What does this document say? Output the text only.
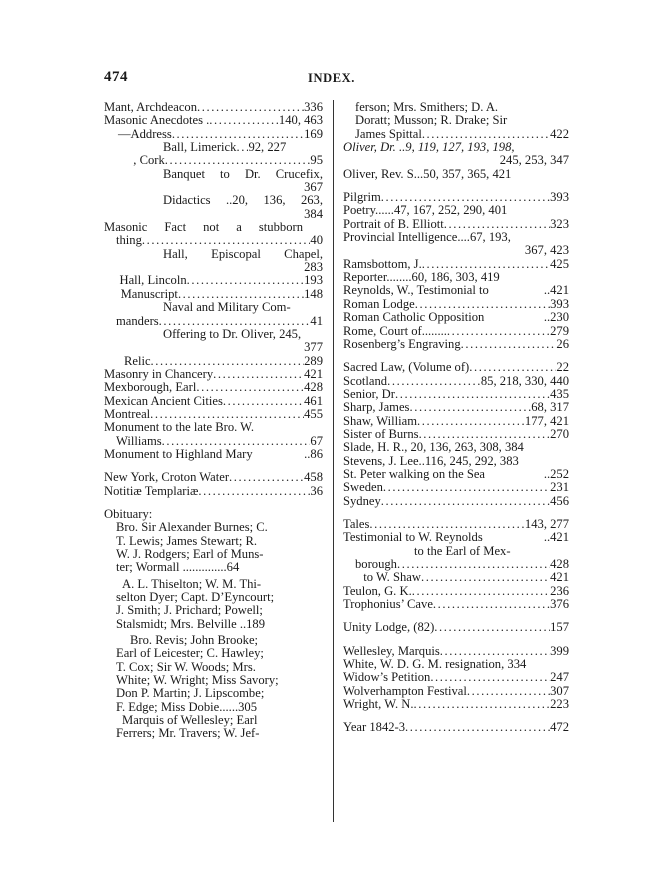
474	INDEX.
Mant, Archdeacon .....	336
Masonic Anecdotes . .....	140, 463
—Address .....	169
Ball, Limerick ..... 92, 227
, Cork .....	95
Banquet to Dr. Crucefix,
367
Didactics ..20, 136, 263,
384
Masonic Fact not a stubborn
thing .....	40
Hall, Episcopal Chapel,
283
Hall, Lincoln .....	193
Manuscript .....	148
Naval and Military Com-
manders .....	41
Offering to Dr. Oliver, 245,
377
Relic .....	289
Masonry in Chancery .....	421
Mexborough, Earl .....	428
Mexican Ancient Cities .....	461
Montreal .....	455
Monument to the late Bro. W.
Williams .....	67
Monument to Highland Mary	..86
New York, Croton Water .....	458
Notitiæ Templariæ .....	36
Obituary:
Bro. Sir Alexander Burnes; C.
T. Lewis; James Stewart; R.
W. J. Rodgers; Earl of Muns-
ter; Wormall ..............64
A. L. Thiselton; W. M. Thi-
selton Dyer; Capt. D’Eyncourt;
J. Smith; J. Prichard; Powell;
Stalsmidt; Mrs. Belville ..189
Bro. Revis; John Brooke;
Earl of Leicester; C. Hawley;
T. Cox; Sir W. Woods; Mrs.
White; W. Wright; Miss Savory;
Don P. Martin; J. Lipscombe;
F. Edge; Miss Dobie......305
Marquis of Wellesley; Earl
Ferrers; Mr. Travers; W. Jef-
ferson; Mrs. Smithers; D. A.
Doratt; Musson; R. Drake; Sir
James Spittal .....	422
Oliver, Dr. ..9, 119, 127, 193, 198,
245, 253, 347
Oliver, Rev. S...50, 357, 365, 421
Pilgrim .....	393
Poetry......47, 167, 252, 290, 401
Portrait of B. Elliott .....	323
Provincial Intelligence....67, 193,
367, 423
Ramsbottom, J. .....	425
Reporter........60, 186, 303, 419
Reynolds, W., Testimonial to	..421
Roman Lodge .....	393
Roman Catholic Opposition	..230
Rome, Court of........ .....	279
Rosenberg’s Engraving .....	26
Sacred Law, (Volume of) .....	22
Scotland .....	85, 218, 330, 440
Senior, Dr .....	435
Sharp, James .....	68, 317
Shaw, William .....	177, 421
Sister of Burns .....	270
Slade, H. R., 20, 136, 263, 308, 384
Stevens, J. Lee..116, 245, 292, 383
St. Peter walking on the Sea	..252
Sweden .....	231
Sydney .....	456
Tales .....	143, 277
Testimonial to W. Reynolds	..421
to the Earl of Mex-
borough .....	428
to W. Shaw .....	421
Teulon, G. K. .....	236
Trophonius’ Cave .....	376
Unity Lodge, (82) .....	157
Wellesley, Marquis .....	399
White, W. D. G. M. resignation, 334
Widow’s Petition .....	247
Wolverhampton Festival .....	307
Wright, W. N. .....	223
Year 1842-3 .....	472
